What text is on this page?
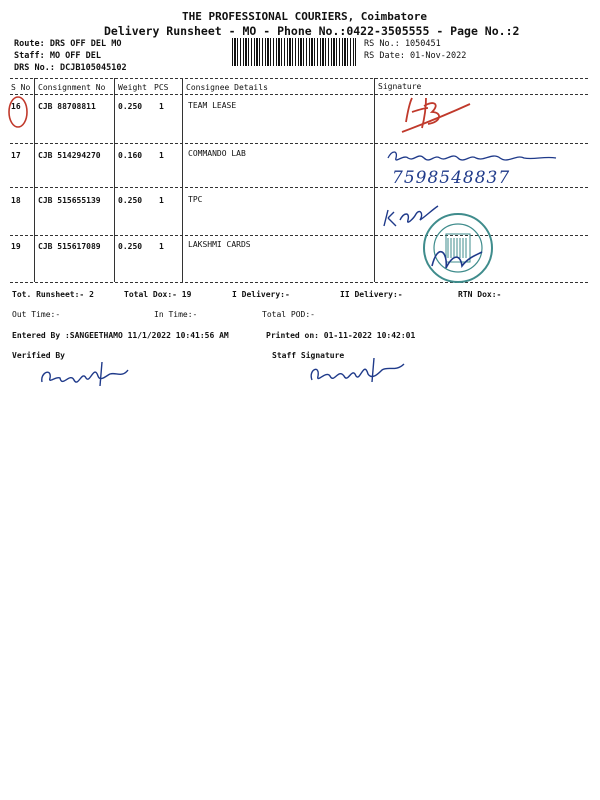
THE PROFESSIONAL COURIERS, Coimbatore
Delivery Runsheet - MO - Phone No.:0422-3505555 - Page No.:2
Route: DRS OFF DEL MO
Staff: MO OFF DEL
DRS No.: DCJB105045102
RS No.: 1050451
RS Date: 01-Nov-2022
S No Consignment No Weight PCS Consignee Details	Signature
16 CJB 88708811	0.250 1	TEAM LEASE
17 CJB 514294270 0.160 1	COMMANDO LAB
18 CJB 515655139 0.250 1	TPC
19 CJB 515617089 0.250 1	LAKSHMI CARDS
7598548837
Tot. Runsheet:- 2	Total Dox:- 19	I Delivery:-	II Delivery:-	RTN Dox:-
Out Time:-	In Time:-	Total POD:-
Entered By :SANGEETHAMO 11/1/2022 10:41:56 AM	Printed on: 01-11-2022 10:42:01
Verified By	Staff Signature
